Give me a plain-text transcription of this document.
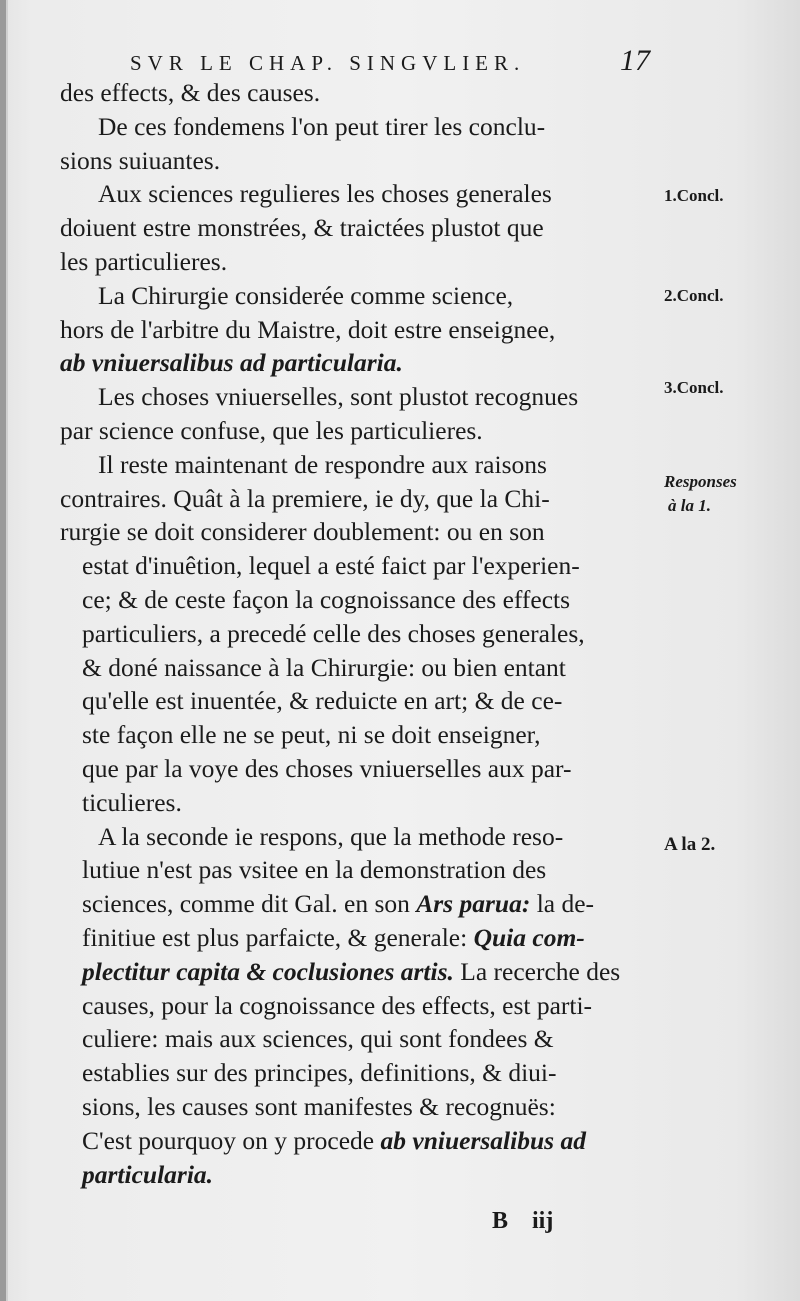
SVR LE CHAP. SINGVLIER.	17
des effects, & des causes.
De ces fondemens l'on peut tirer les conclu-
sions suiuantes.
Aux sciences regulieres les choses generales
doiuent estre monstrées, & traictées plustot que
les particulieres.
La Chirurgie considerée comme science,
hors de l'arbitre du Maistre, doit estre enseignee,
ab vniuersalibus ad particularia.
Les choses vniuerselles, sont plustot recognues
par science confuse, que les particulieres.
Il reste maintenant de respondre aux raisons
contraires. Quât à la premiere, ie dy, que la Chi-
rurgie se doit considerer doublement: ou en son
estat d'inuêtion, lequel a esté faict par l'experien-
ce; & de ceste façon la cognoissance des effects
particuliers, a precedé celle des choses generales,
& doné naissance à la Chirurgie: ou bien entant
qu'elle est inuentée, & reduicte en art; & de ce-
ste façon elle ne se peut, ni se doit enseigner,
que par la voye des choses vniuerselles aux par-
ticulieres.
A la seconde ie respons, que la methode reso-
lutiue n'est pas vsitee en la demonstration des
sciences, comme dit Gal. en son Ars parua: la de-
finitiue est plus parfaicte, & generale: Quia com-
plectitur capita & coclusiones artis. La recerche des
causes, pour la cognoissance des effects, est parti-
culiere: mais aux sciences, qui sont fondees &
establies sur des principes, definitions, & diui-
sions, les causes sont manifestes & recognuës:
C'est pourquoy on y procede ab vniuersalibus ad
particularia.
1.Concl.
2.Concl.
3.Concl.
Responses
à la 1.
A la 2.
B iij
